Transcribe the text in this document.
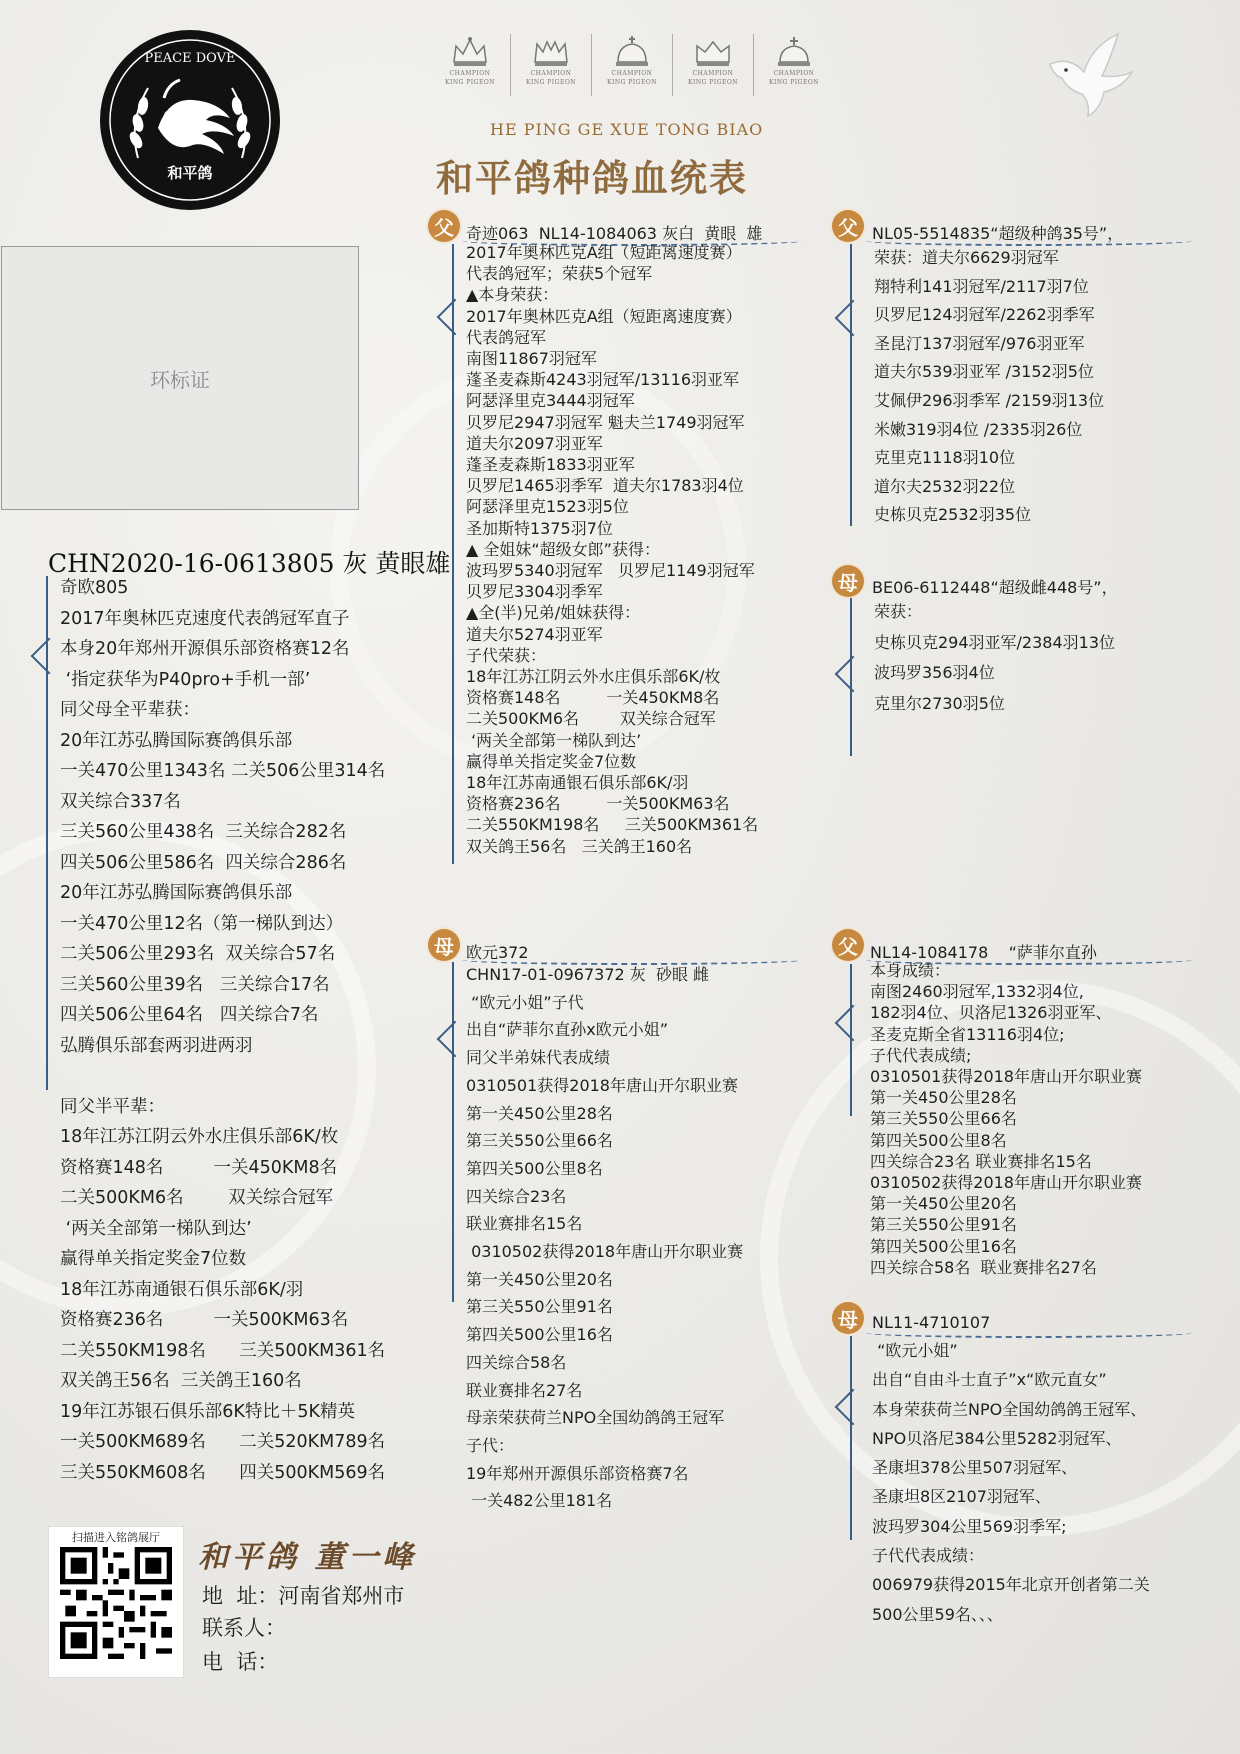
PEACE DOVE
和平鸽
CHAMPION
KING PIGEON
CHAMPION
KING PIGEON
CHAMPION
KING PIGEON
CHAMPION
KING PIGEON
CHAMPION
KING PIGEON
HE PING GE XUE TONG BIAO
和平鸽种鸽血统表
环标证
CHN2020-16-0613805 灰 黄眼雄
奇欧805
2017年奥林匹克速度代表鸽冠军直子
本身20年郑州开源俱乐部资格赛12名
‘指定获华为P40pro+手机一部’
同父母全平辈获：
20年江苏弘腾国际赛鸽俱乐部
一关470公里1343名 二关506公里314名
双关综合337名
三关560公里438名  三关综合282名
四关506公里586名  四关综合286名
20年江苏弘腾国际赛鸽俱乐部
一关470公里12名（第一梯队到达）
二关506公里293名  双关综合57名
三关560公里39名   三关综合17名
四关506公里64名   四关综合7名
弘腾俱乐部套两羽进两羽

同父半平辈：
18年江苏江阴云外水庄俱乐部6K/枚
资格赛148名         一关450KM8名
二关500KM6名        双关综合冠军
‘两关全部第一梯队到达’
赢得单关指定奖金7位数
18年江苏南通银石俱乐部6K/羽
资格赛236名         一关500KM63名
二关550KM198名      三关500KM361名
双关鸽王56名  三关鸽王160名
19年江苏银石俱乐部6K特比＋5K精英
一关500KM689名      二关520KM789名
三关550KM608名      四关500KM569名
父 奇迹063  NL14-1084063 灰白  黄眼  雄
2017年奥林匹克A组（短距离速度赛）
代表鸽冠军；荣获5个冠军
▲本身荣获：
2017年奥林匹克A组（短距离速度赛）
代表鸽冠军
南图11867羽冠军
蓬圣麦森斯4243羽冠军/13116羽亚军
阿瑟泽里克3444羽冠军
贝罗尼2947羽冠军 魁夫兰1749羽冠军
道夫尔2097羽亚军
蓬圣麦森斯1833羽亚军
贝罗尼1465羽季军  道夫尔1783羽4位
阿瑟泽里克1523羽5位
圣加斯特1375羽7位
▲ 全姐妹“超级女郎”获得：
波玛罗5340羽冠军   贝罗尼1149羽冠军
贝罗尼3304羽季军
▲全(半)兄弟/姐妹获得：
道夫尔5274羽亚军
子代荣获：
18年江苏江阴云外水庄俱乐部6K/枚
资格赛148名         一关450KM8名
二关500KM6名        双关综合冠军
‘两关全部第一梯队到达’
赢得单关指定奖金7位数
18年江苏南通银石俱乐部6K/羽
资格赛236名         一关500KM63名
二关550KM198名     三关500KM361名
双关鸽王56名   三关鸽王160名
父 NL05-5514835“超级种鸽35号”，
荣获：道夫尔6629羽冠军
翔特利141羽冠军/2117羽7位
贝罗尼124羽冠军/2262羽季军
圣昆汀137羽冠军/976羽亚军
道夫尔539羽亚军 /3152羽5位
艾佩伊296羽季军 /2159羽13位
米嫩319羽4位 /2335羽26位
克里克1118羽10位
道尔夫2532羽22位
史栋贝克2532羽35位
母 BE06-6112448“超级雌448号”，
荣获：
史栋贝克294羽亚军/2384羽13位
波玛罗356羽4位
克里尔2730羽5位
母 欧元372
CHN17-01-0967372 灰  砂眼 雌
“欧元小姐”子代
出自“萨菲尔直孙x欧元小姐”
同父半弟妹代表成绩
0310501获得2018年唐山开尔职业赛
第一关450公里28名
第三关550公里66名
第四关500公里8名
四关综合23名
联业赛排名15名
0310502获得2018年唐山开尔职业赛
第一关450公里20名
第三关550公里91名
第四关500公里16名
四关综合58名
联业赛排名27名
母亲荣获荷兰NPO全国幼鸽鸽王冠军
子代：
19年郑州开源俱乐部资格赛7名
一关482公里181名
父 NL14-1084178    “萨菲尔直孙
本身成绩：
南图2460羽冠军,1332羽4位,
182羽4位、贝洛尼1326羽亚军、
圣麦克斯全省13116羽4位;
子代代表成绩;
0310501获得2018年唐山开尔职业赛
第一关450公里28名
第三关550公里66名
第四关500公里8名
四关综合23名 联业赛排名15名
0310502获得2018年唐山开尔职业赛
第一关450公里20名
第三关550公里91名
第四关500公里16名
四关综合58名  联业赛排名27名
母 NL11-4710107
“欧元小姐”
出自“自由斗士直子”x“欧元直女”
本身荣获荷兰NPO全国幼鸽鸽王冠军、
NPO贝洛尼384公里5282羽冠军、
圣康坦378公里507羽冠军、
圣康坦8区2107羽冠军、
波玛罗304公里569羽季军;
子代代表成绩：
006979获得2015年北京开创者第二关
500公里59名、、、
扫描进入铭鸽展厅
和平鸽 董一峰
地  址：河南省郑州市
联系人：
电  话：
